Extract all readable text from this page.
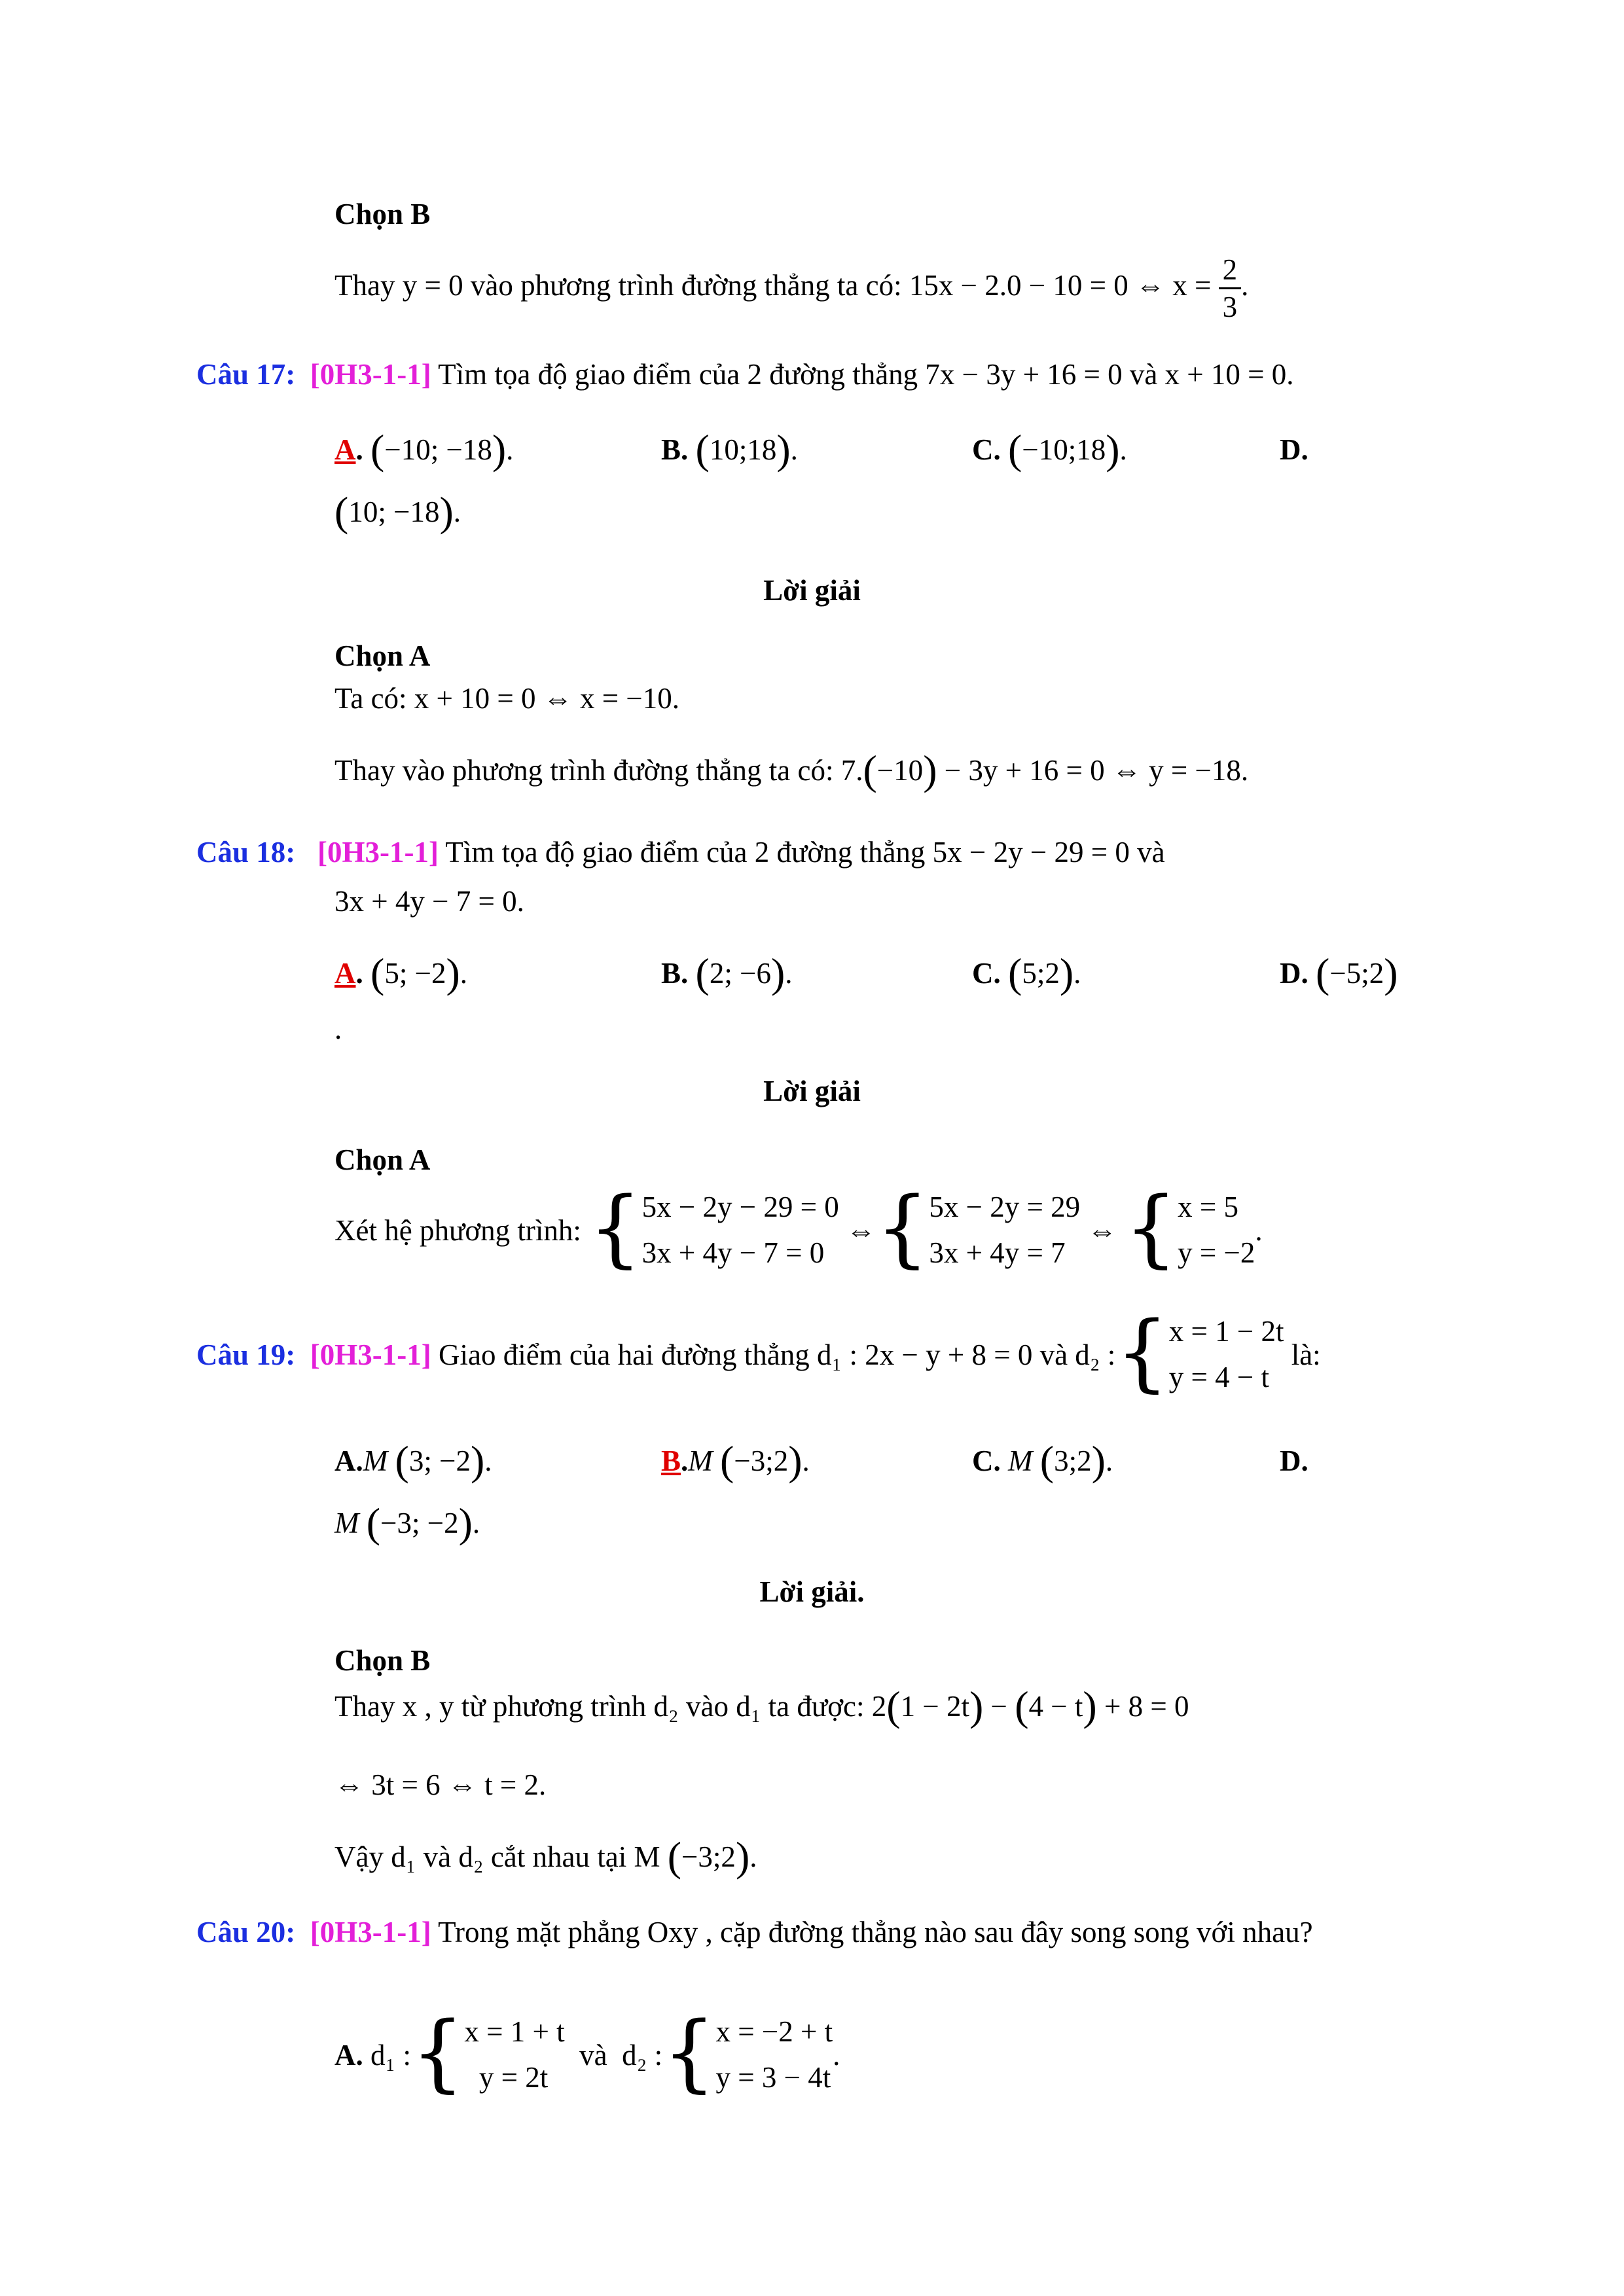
Chọn B
Thay y = 0 vào phương trình đường thẳng ta có: 15x − 2.0 − 10 = 0 ⇔ $x = \frac{2}{3}$ .
Câu 17: [0H3-1-1] Tìm tọa độ giao điểm của 2 đường thẳng 7x − 3y + 16 = 0 và x + 10 = 0.
A. (−10; −18).	B. (10;18).	C. (−10;18).	D.
(10; −18).
Lời giải
Chọn A
Ta có: x + 10 = 0 ⇔ x = −10.
Thay vào phương trình đường thẳng ta có: 7.(−10) − 3y + 16 = 0 ⇔ y = −18.
Câu 18: [0H3-1-1] Tìm tọa độ giao điểm của 2 đường thẳng 5x − 2y − 29 = 0 và
3x + 4y − 7 = 0.
A. (5; −2).	B. (2; −6).	C. (5;2).	D. (−5;2)
.
Lời giải
Chọn A
Xét hệ phương trình: {5x − 2y − 29 = 0
3x + 4y − 7 = 0 ⇔{5x − 2y = 29
3x + 4y = 7 ⇔ {x = 5
y = −2.
Câu 19: [0H3-1-1] Giao điểm của hai đường thẳng d₁ : 2x − y + 8 = 0 và d₂ :{x = 1 − 2t
y = 4 − t là:
A.M (3; −2).	B.M (−3;2).	C. M (3;2).	D.
M (−3; −2).
Lời giải.
Chọn B
Thay x , y từ phương trình d₂ vào d₁ ta được: 2(1 − 2t) − (4 − t) + 8 = 0
⇔ 3t = 6 ⇔ t = 2.
Vậy d₁ và d₂ cắt nhau tại M (−3;2).
Câu 20: [0H3-1-1] Trong mặt phẳng Oxy , cặp đường thẳng nào sau đây song song với nhau?
A. d₁ :{x = 1 + t
y = 2t  và d₂ :{x = −2 + t
y = 3 − 4t.
